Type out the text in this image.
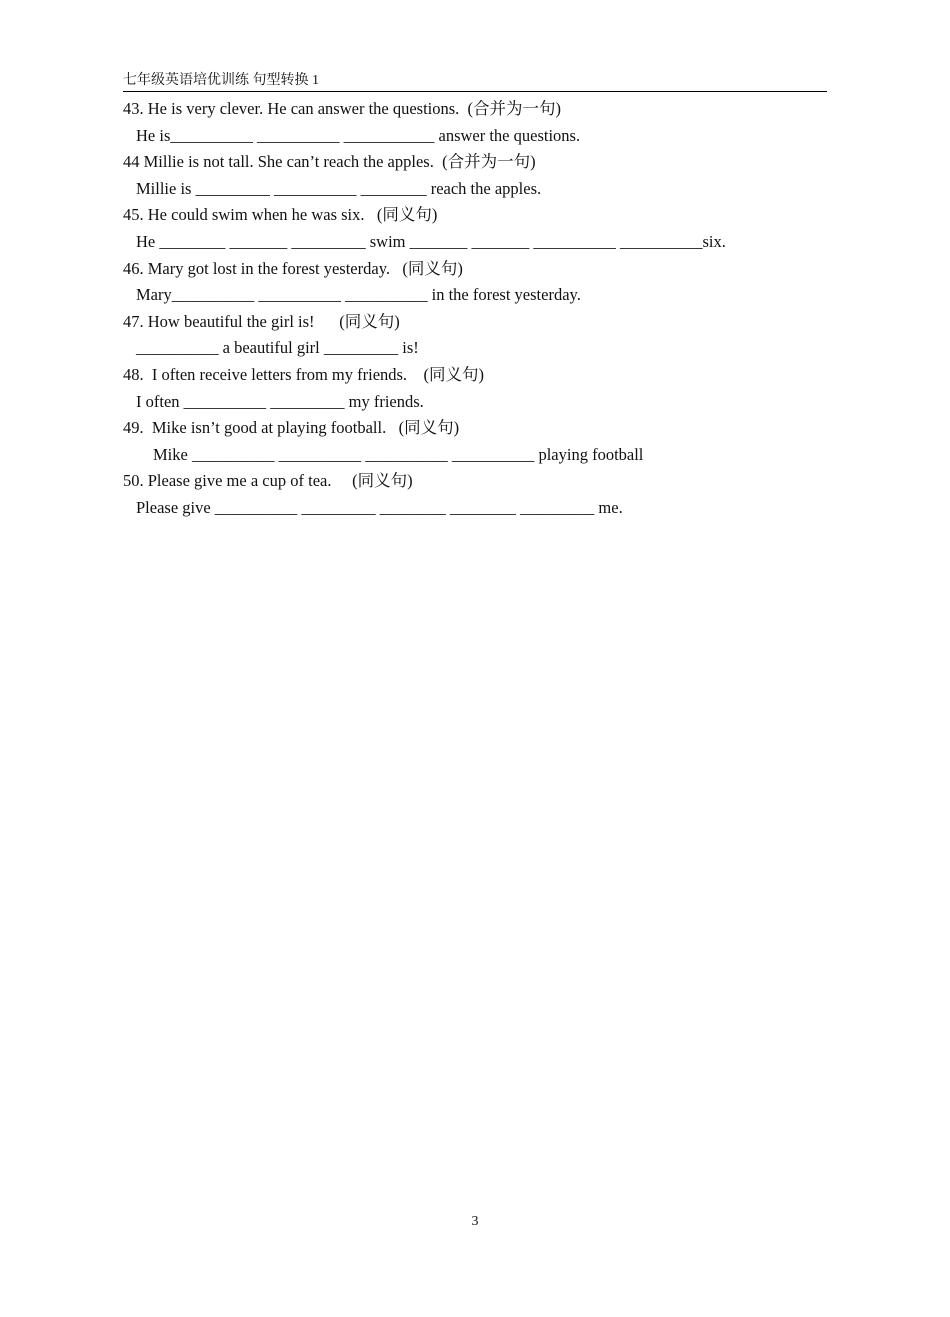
七年级英语培优训练 句型转换 1
43. He is very clever. He can answer the questions.  (合并为一句)
He is__________ __________ ___________ answer the questions.
44 Millie is not tall. She can’t reach the apples.  (合并为一句)
Millie is _________ __________ ________ reach the apples.
45. He could swim when he was six.   (同义句)
He ________ _______ _________ swim _______ _______ __________ __________six.
46. Mary got lost in the forest yesterday.   (同义句)
Mary__________ __________ __________ in the forest yesterday.
47. How beautiful the girl is!      (同义句)
__________ a beautiful girl _________ is!
48.  I often receive letters from my friends.    (同义句)
I often __________ _________ my friends.
49.  Mike isn’t good at playing football.   (同义句)
Mike __________ __________ __________ __________ playing football
50. Please give me a cup of tea.     (同义句)
Please give __________ _________ ________ ________ _________ me.
3
